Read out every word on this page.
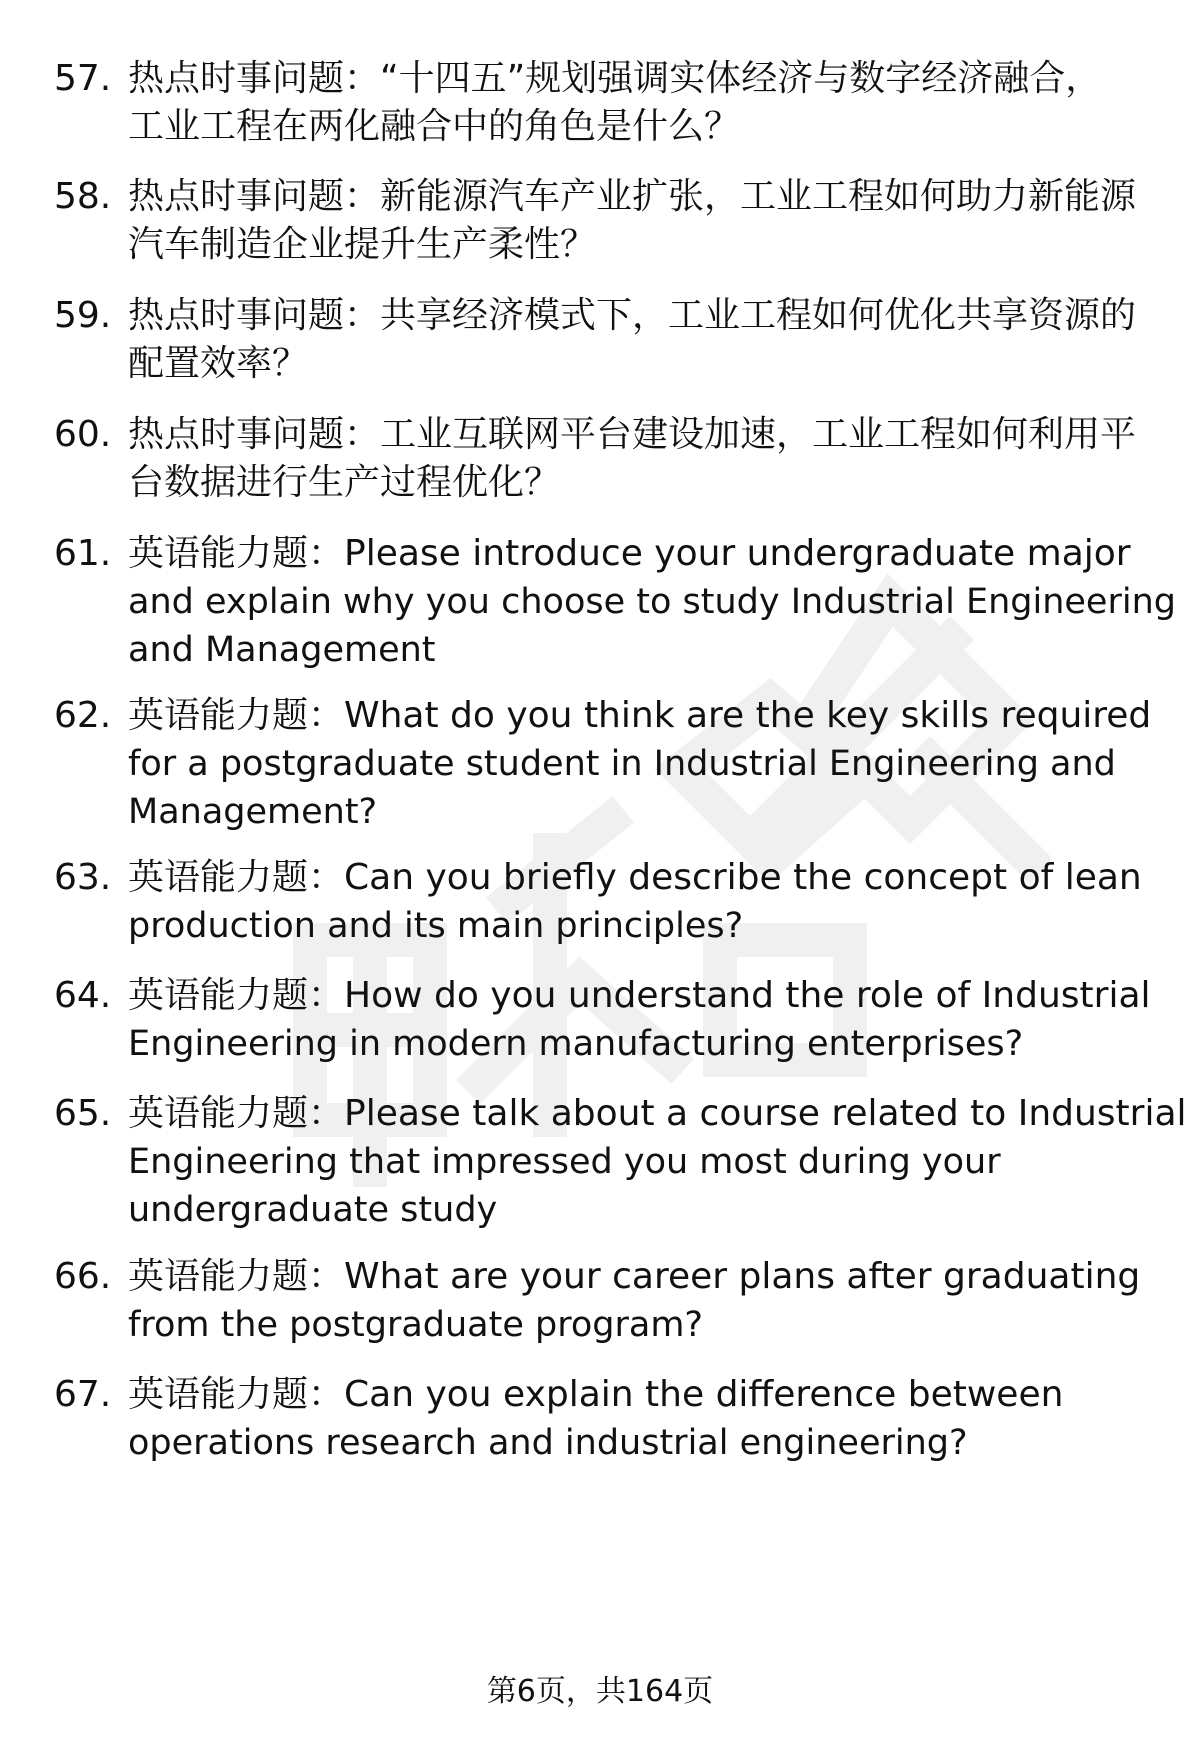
57. 热点时事问题：“十四五”规划强调实体经济与数字经济融合，
工业工程在两化融合中的角色是什么？
58. 热点时事问题：新能源汽车产业扩张，工业工程如何助力新能源
汽车制造企业提升生产柔性？
59. 热点时事问题：共享经济模式下，工业工程如何优化共享资源的
配置效率？
60. 热点时事问题：工业互联网平台建设加速，工业工程如何利用平
台数据进行生产过程优化？
61. 英语能力题：Please introduce your undergraduate major
and explain why you choose to study Industrial Engineering
and Management
62. 英语能力题：What do you think are the key skills required
for a postgraduate student in Industrial Engineering and
Management?
63. 英语能力题：Can you briefly describe the concept of lean
production and its main principles?
64. 英语能力题：How do you understand the role of Industrial
Engineering in modern manufacturing enterprises?
65. 英语能力题：Please talk about a course related to Industrial
Engineering that impressed you most during your
undergraduate study
66. 英语能力题：What are your career plans after graduating
from the postgraduate program?
67. 英语能力题：Can you explain the difference between
operations research and industrial engineering?
第6页，共164页
